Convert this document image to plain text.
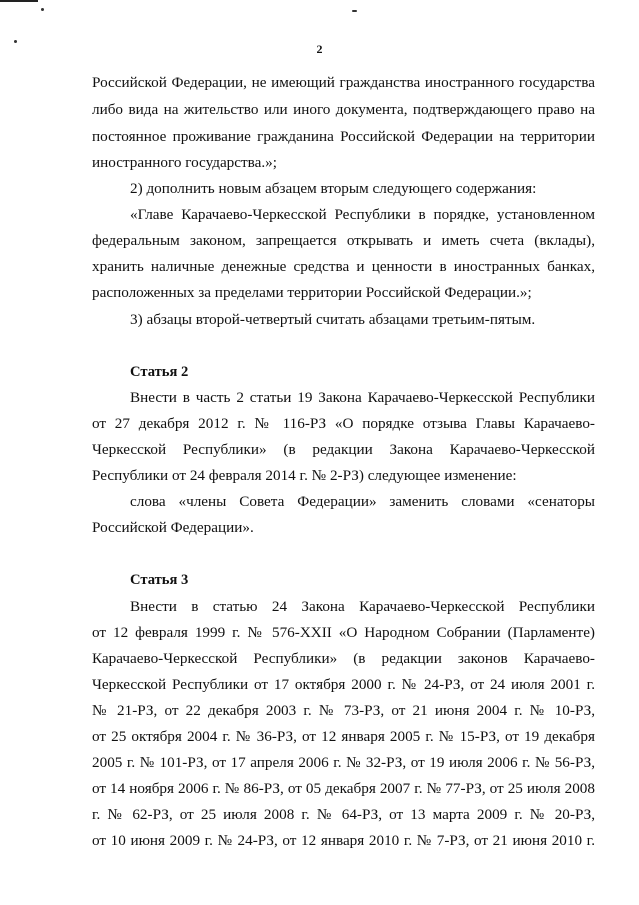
2
Российской Федерации, не имеющий гражданства иностранного государства
либо вида на жительство или иного документа, подтверждающего право на
постоянное проживание гражданина Российской Федерации на территории
иностранного государства.»;
2) дополнить новым абзацем вторым следующего содержания:
«Главе Карачаево-Черкесской Республики в порядке, установленном
федеральным законом, запрещается открывать и иметь счета (вклады),
хранить наличные денежные средства и ценности в иностранных банках,
расположенных за пределами территории Российской Федерации.»;
3) абзацы второй-четвертый считать абзацами третьим-пятым.
Статья 2
Внести в часть 2 статьи 19 Закона Карачаево-Черкесской Республики
от 27 декабря 2012 г. № 116-РЗ «О порядке отзыва Главы Карачаево-
Черкесской Республики» (в редакции Закона Карачаево-Черкесской
Республики от 24 февраля 2014 г. № 2-РЗ) следующее изменение:
слова «члены Совета Федерации» заменить словами «сенаторы
Российской Федерации».
Статья 3
Внести в статью 24 Закона Карачаево-Черкесской Республики
от 12 февраля 1999 г. № 576-XXII «О Народном Собрании (Парламенте)
Карачаево-Черкесской Республики» (в редакции законов Карачаево-
Черкесской Республики от 17 октября 2000 г. № 24-РЗ, от 24 июля 2001 г.
№ 21-РЗ, от 22 декабря 2003 г. № 73-РЗ, от 21 июня 2004 г. № 10-РЗ,
от 25 октября 2004 г. № 36-РЗ, от 12 января 2005 г. № 15-РЗ, от 19 декабря
2005 г. № 101-РЗ, от 17 апреля 2006 г. № 32-РЗ, от 19 июля 2006 г. № 56-РЗ,
от 14 ноября 2006 г. № 86-РЗ, от 05 декабря 2007 г. № 77-РЗ, от 25 июля 2008
г. № 62-РЗ, от 25 июля 2008 г. № 64-РЗ, от 13 марта 2009 г. № 20-РЗ,
от 10 июня 2009 г. № 24-РЗ, от 12 января 2010 г. № 7-РЗ, от 21 июня 2010 г.
